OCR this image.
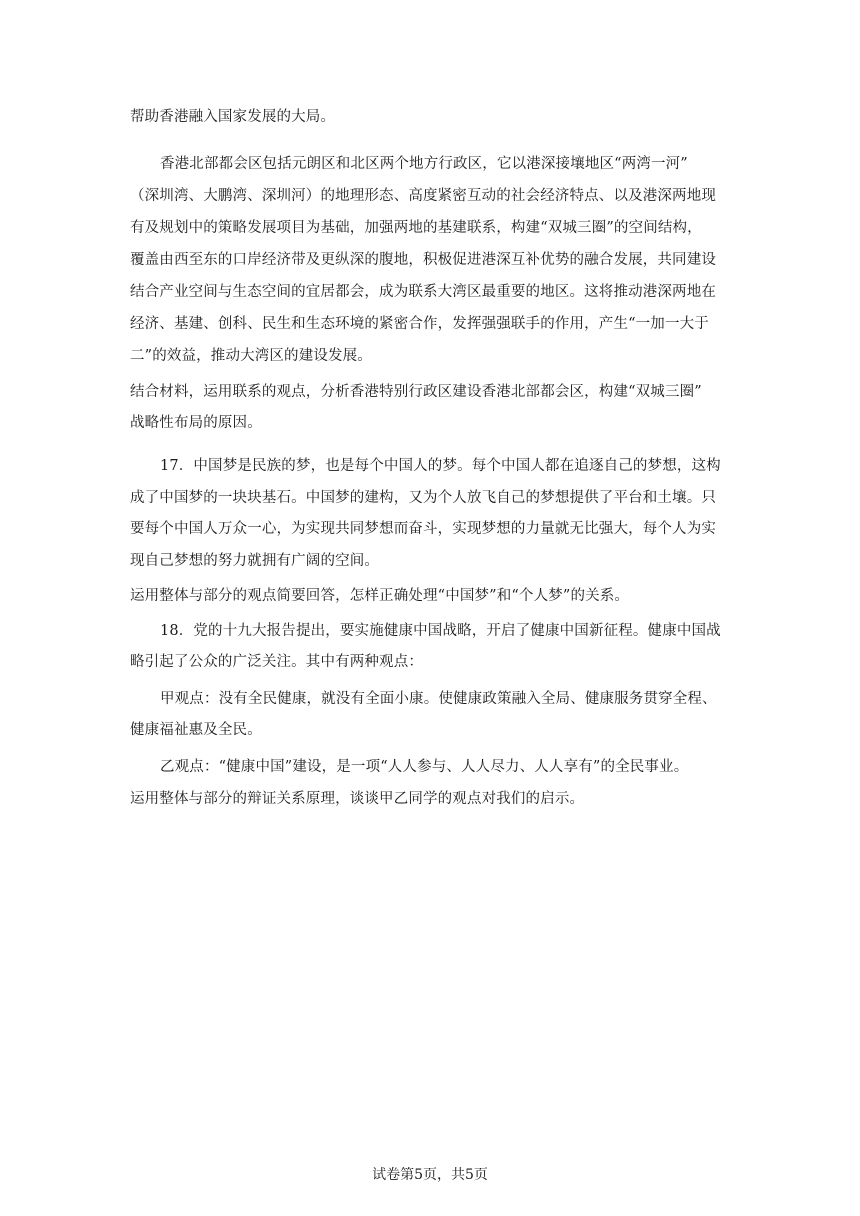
帮助香港融入国家发展的大局。
香港北部都会区包括元朗区和北区两个地方行政区，它以港深接壤地区“两湾一河”
（深圳湾、大鹏湾、深圳河）的地理形态、高度紧密互动的社会经济特点、以及港深两地现
有及规划中的策略发展项目为基础，加强两地的基建联系，构建“双城三圈”的空间结构，
覆盖由西至东的口岸经济带及更纵深的腹地，积极促进港深互补优势的融合发展，共同建设
结合产业空间与生态空间的宜居都会，成为联系大湾区最重要的地区。这将推动港深两地在
经济、基建、创科、民生和生态环境的紧密合作，发挥强强联手的作用，产生“一加一大于
二”的效益，推动大湾区的建设发展。
结合材料，运用联系的观点，分析香港特别行政区建设香港北部都会区，构建“双城三圈”
战略性布局的原因。
17．中国梦是民族的梦，也是每个中国人的梦。每个中国人都在追逐自己的梦想，这构
成了中国梦的一块块基石。中国梦的建构，又为个人放飞自己的梦想提供了平台和土壤。只
要每个中国人万众一心，为实现共同梦想而奋斗，实现梦想的力量就无比强大，每个人为实
现自己梦想的努力就拥有广阔的空间。
运用整体与部分的观点简要回答，怎样正确处理“中国梦”和“个人梦”的关系。
18．党的十九大报告提出，要实施健康中国战略，开启了健康中国新征程。健康中国战
略引起了公众的广泛关注。其中有两种观点：
甲观点：没有全民健康，就没有全面小康。使健康政策融入全局、健康服务贯穿全程、
健康福祉惠及全民。
乙观点：“健康中国”建设，是一项“人人参与、人人尽力、人人享有”的全民事业。
运用整体与部分的辩证关系原理，谈谈甲乙同学的观点对我们的启示。
试卷第5页，共5页
